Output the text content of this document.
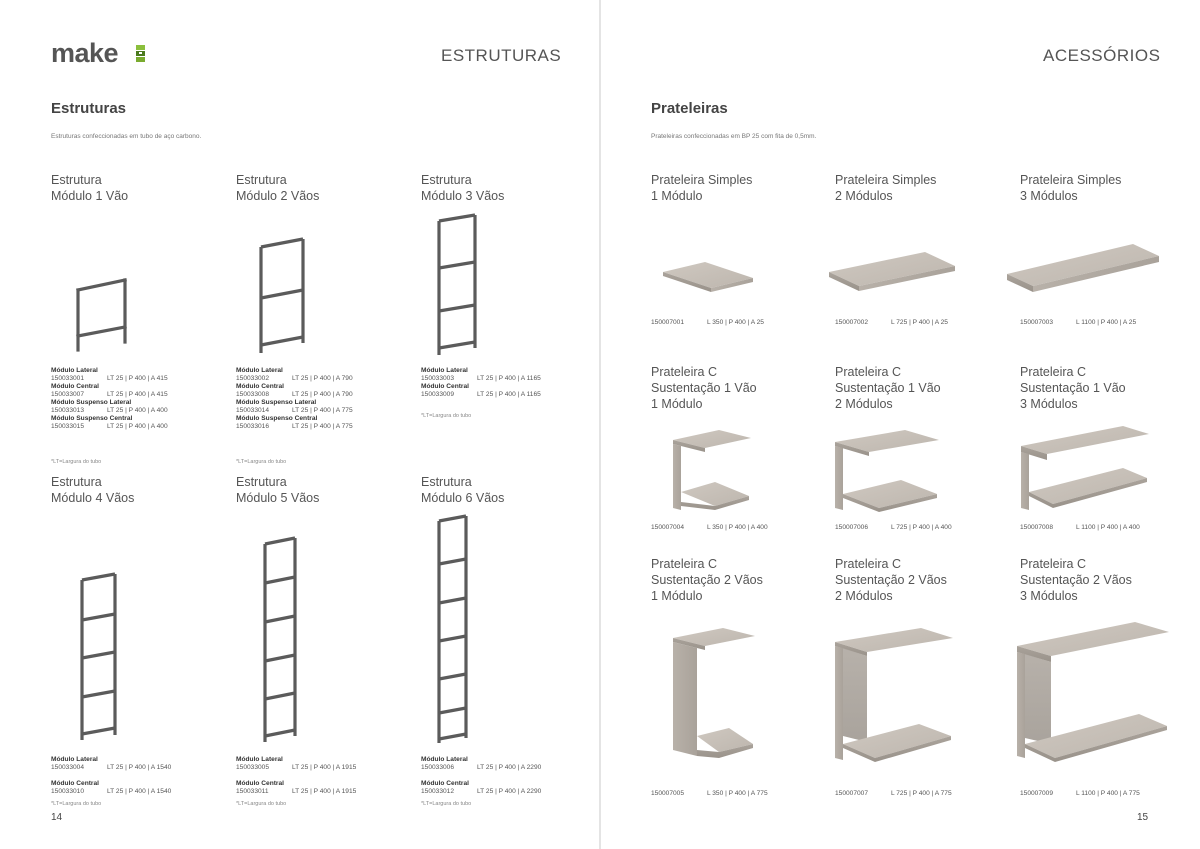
make	ESTRUTURAS
Estruturas
Estruturas confeccionadas em tubo de aço carbono.
Estrutura
Módulo 1 Vão
Módulo Lateral
150033001	LT 25 | P 400 | A 415
Módulo Central
150033007	LT 25 | P 400 | A 415
Módulo Suspenso Lateral
150033013	LT 25 | P 400 | A 400
Módulo Suspenso Central
150033015	LT 25 | P 400 | A 400
*LT=Largura do tubo
Estrutura
Módulo 2 Vãos
Módulo Lateral
150033002	LT 25 | P 400 | A 790
Módulo Central
150033008	LT 25 | P 400 | A 790
Módulo Suspenso Lateral
150033014	LT 25 | P 400 | A 775
Módulo Suspenso Central
150033016	LT 25 | P 400 | A 775
*LT=Largura do tubo
Estrutura
Módulo 3 Vãos
Módulo Lateral
150033003	LT 25 | P 400 | A 1165
Módulo Central
150033009	LT 25 | P 400 | A 1165
*LT=Largura do tubo
Estrutura
Módulo 4 Vãos
Módulo Lateral
150033004	LT 25 | P 400 | A 1540
Módulo Central
150033010	LT 25 | P 400 | A 1540
*LT=Largura do tubo
Estrutura
Módulo 5 Vãos
Módulo Lateral
150033005	LT 25 | P 400 | A 1915
Módulo Central
150033011	LT 25 | P 400 | A 1915
*LT=Largura do tubo
Estrutura
Módulo 6 Vãos
Módulo Lateral
150033006	LT 25 | P 400 | A 2290
Módulo Central
150033012	LT 25 | P 400 | A 2290
*LT=Largura do tubo
14
ACESSÓRIOS
Prateleiras
Prateleiras confeccionadas em BP 25 com fita de 0,5mm.
Prateleira Simples
1 Módulo
Prateleira Simples
2 Módulos
Prateleira Simples
3 Módulos
150007001	L 350 | P 400 | A 25	150007002	L 725 | P 400 | A 25	150007003	L 1100 | P 400 | A 25
Prateleira C
Sustentação 1 Vão
1 Módulo
Prateleira C
Sustentação 1 Vão
2 Módulos
Prateleira C
Sustentação 1 Vão
3 Módulos
150007004	L 350 | P 400 | A 400	150007006	L 725 | P 400 | A 400	150007008	L 1100 | P 400 | A 400
Prateleira C
Sustentação 2 Vãos
1 Módulo
Prateleira C
Sustentação 2 Vãos
2 Módulos
Prateleira C
Sustentação 2 Vãos
3 Módulos
150007005	L 350 | P 400 | A 775	150007007	L 725 | P 400 | A 775	150007009	L 1100 | P 400 | A 775
15
